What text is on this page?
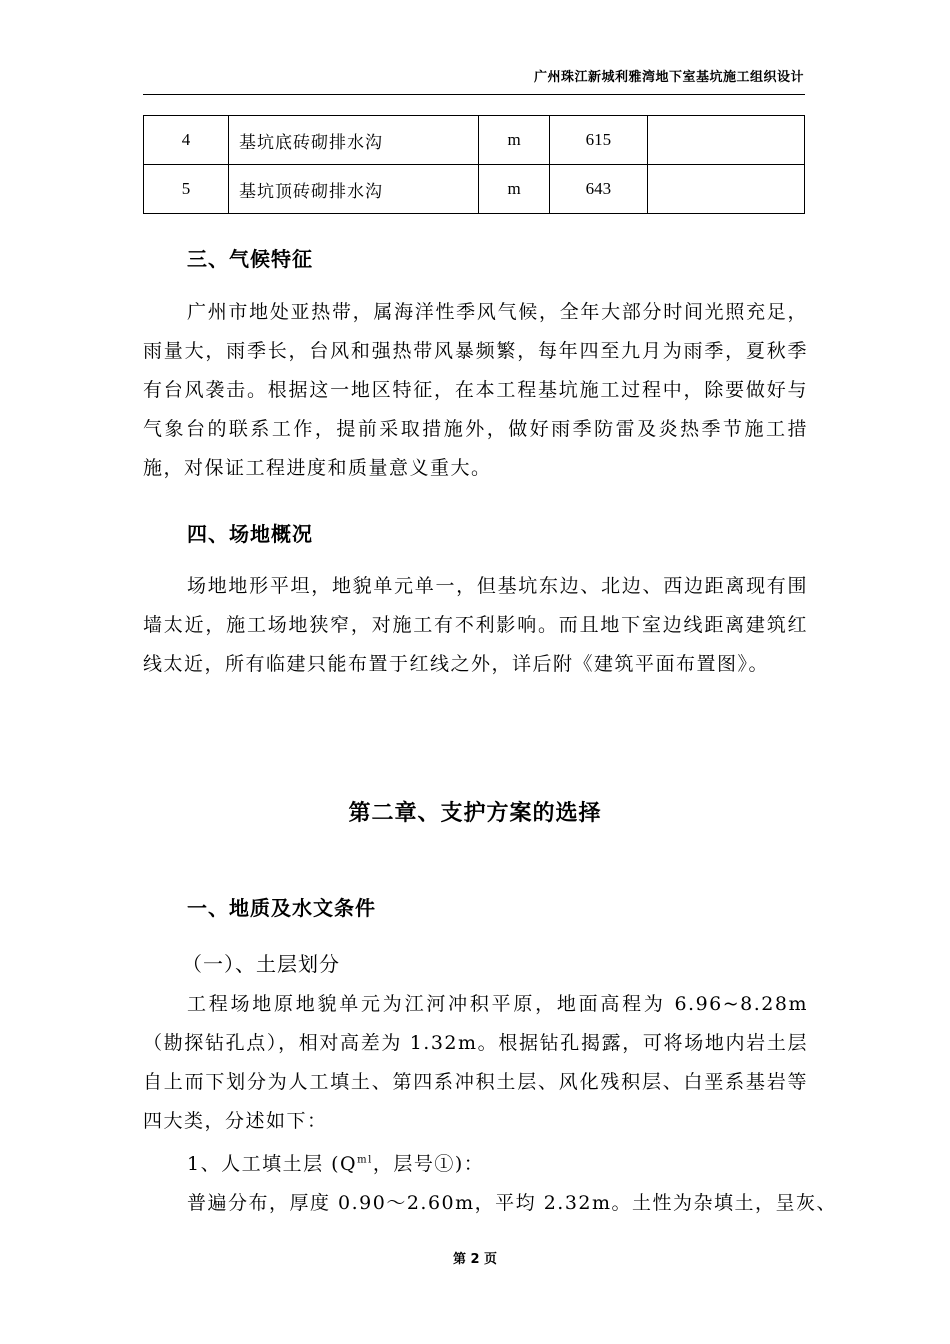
广州珠江新城利雅湾地下室基坑施工组织设计
4	基坑底砖砌排水沟	m	615	
5	基坑顶砖砌排水沟	m	643	
三、气候特征
广州市地处亚热带，属海洋性季风气候，全年大部分时间光照充足，雨量大，雨季长，台风和强热带风暴频繁，每年四至九月为雨季，夏秋季有台风袭击。根据这一地区特征，在本工程基坑施工过程中，除要做好与气象台的联系工作，提前采取措施外，做好雨季防雷及炎热季节施工措施，对保证工程进度和质量意义重大。
四、场地概况
场地地形平坦，地貌单元单一，但基坑东边、北边、西边距离现有围墙太近，施工场地狭窄，对施工有不利影响。而且地下室边线距离建筑红线太近，所有临建只能布置于红线之外，详后附《建筑平面布置图》。
第二章、支护方案的选择
一、地质及水文条件
（一）、土层划分
工程场地原地貌单元为江河冲积平原，地面高程为 6.96~8.28m（勘探钻孔点），相对高差为 1.32m。根据钻孔揭露，可将场地内岩土层自上而下划分为人工填土、第四系冲积土层、风化残积层、白垩系基岩等四大类，分述如下：
1、人工填土层 ($Q^{ml}$，层号①)：
普遍分布，厚度 0.90～2.60m，平均 2.32m。土性为杂填土，呈灰、
第 2 页
